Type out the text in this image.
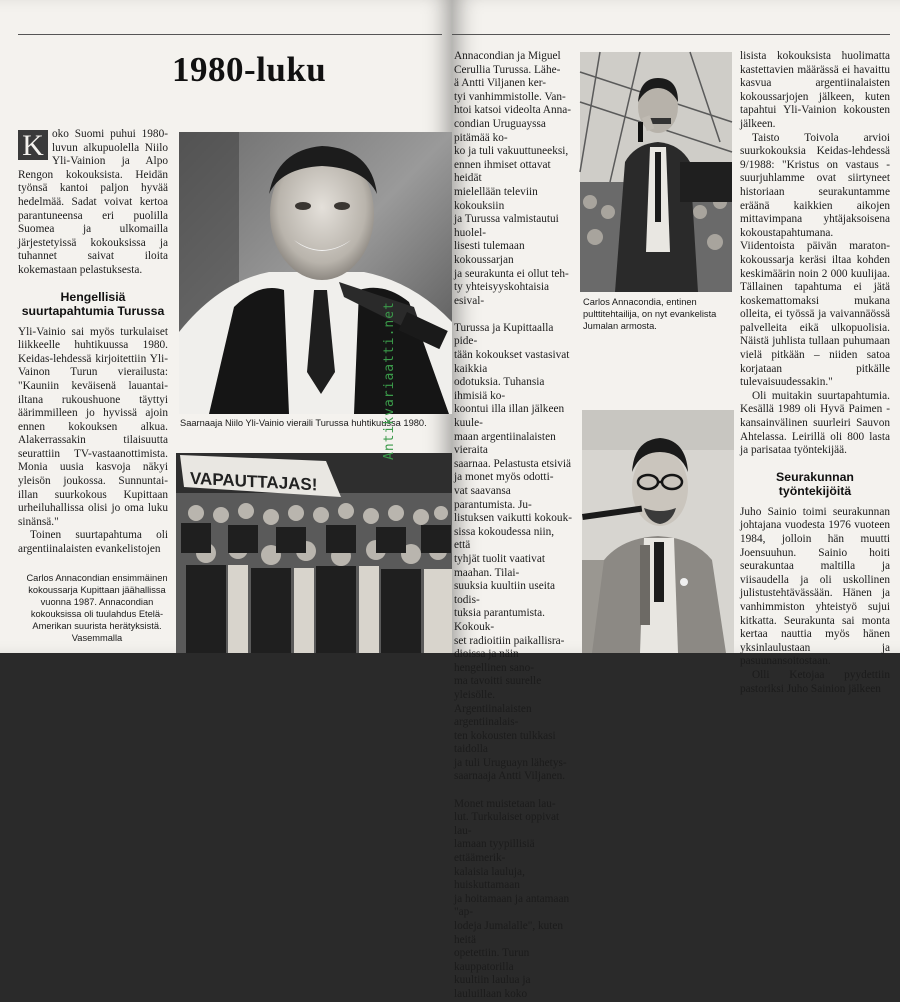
1980-luku

K oko Suomi puhui 1980-luvun alkupuolella Niilo Yli-Vainion ja Alpo Rengon kokouksista. Heidän työnsä kantoi paljon hyvää hedelmää. Sadat voivat kertoa parantuneensa eri puolilla Suomea ja ulkomailla järjestetyissä kokouksissa ja tuhannet saivat iloita kokemastaan pelastuksesta.

Hengellisiä
suurtapahtumia Turussa

Yli-Vainio sai myös turkulaiset liikkeelle huhtikuussa 1980. Keidas-lehdessä kirjoitettiin Yli-Vainon Turun vierailusta: "Kauniin keväisenä lauantai-iltana rukoushuone täyttyi äärimmilleen jo hyvissä ajoin ennen kokouksen alkua. Alakerrassakin tilaisuutta seurattiin TV-vastaanottimista. Monia uusia kasvoja näkyi yleisön joukossa. Sunnuntai-illan suurkokous Kupittaan urheiluhallissa olisi jo oma luku sinänsä."

Toinen suurtapahtuma oli argentiinalaisten evankelistojen

Saarnaaja Niilo Yli-Vainio vieraili Turussa huhtikuussa 1980.
VAPAUTTAJAS!
Carlos Annacondian ensimmäinen kokoussarja Kupittaan jäähallissa vuonna 1987. Annacondian kokouksissa oli tuulahdus Etelä-Amerikan suurista herätyksistä. Vasemmalla
Antikvariaatti.net

Annacondian ja Miguel

Cerullia Turussa. Lähe-

ä Antti Viljanen ker-

tyi vanhimmistolle. Van-

htoi katsoi videolta Anna-

condian Uruguayssa pitämää ko-

ko ja tuli vakuuttuneeksi,

ennen ihmiset ottavat heidät

mielellään televiin kokouksiin

ja Turussa valmistautui huolel-

lisesti tulemaan kokoussarjan

ja seurakunta ei ollut teh-

ty yhteisyyskohtaisia esival-

Turussa ja Kupittaalla pide-

tään kokoukset vastasivat kaikkia

odotuksia. Tuhansia ihmisiä ko-

koontui illa illan jälkeen kuule-

maan argentiinalaisten vieraita

saarnaa. Pelastusta etsiviä

ja monet myös odotti-

vat saavansa parantumista. Ju-

listuksen vaikutti kokouk-

sissa kokoudessa niin, että

tyhjät tuolit vaativat maahan. Tilai-

suuksia kuultiin useita todis-

tuksia parantumista. Kokouk-

set radioitiin paikallisra-

dioissa ja näin hengellinen sano-

ma tavoitti suurelle yleisölle.

Argentiinalaisten argentiinalais-

ten kokousten tulkkasi taidolla

ja tuli Uruguayn lähetys-

saarnaaja Antti Viljanen.

Monet muistetaan lau-

lut. Turkulaiset oppivat lau-

lamaan tyypillisiä ettäämerik-

kalaisia lauluja, huiskuttamaan

ja hoitamaan ja antamaan "ap-

lodeja Jumalalle", kuten heitä

opetettiin. Turun kauppatorilla

kuultiin laulua ja lauluillaan koko

Carlos Annacondia, entinen pulttitehtailija, on nyt evankelista Jumalan armosta.

lisista kokouksista huolimatta kastettavien määrässä ei havaittu kasvua argentiinalaisten kokoussarjojen jälkeen, kuten tapahtui Yli-Vainion kokousten jälkeen.

Taisto Toivola arvioi suurkokouksia Keidas-lehdessä 9/1988: "Kristus on vastaus -suurjuhlamme ovat siirtyneet historiaan seurakuntamme eräänä kaikkien aikojen mittavimpana yhtäjaksoisena kokoustapahtumana. Viidentoista päivän maraton-kokoussarja keräsi iltaa kohden keskimäärin noin 2 000 kuulijaa. Tällainen tapahtuma ei jätä koskemattomaksi mukana olleita, ei työssä ja vaivannäössä palvelleita eikä ulkopuolisia. Näistä juhlista tullaan puhumaan vielä pitkään – niiden satoa korjataan pitkälle tulevaisuudessakin."

Oli muitakin suurtapahtumia. Kesällä 1989 oli Hyvä Paimen -kansainvälinen suurleiri Sauvon Ahtelassa. Leirillä oli 800 lasta ja parisataa työntekijää.

Seurakunnan
työntekijöitä

Juho Sainio toimi seurakunnan johtajana vuodesta 1976 vuoteen 1984, jolloin hän muutti Joensuuhun. Sainio hoiti seurakuntaa maltilla ja viisaudella ja oli uskollinen julistustehtävässään. Hänen ja vanhimmiston yhteistyö sujui kitkatta. Seurakunta sai monta kertaa nauttia myös hänen yksinlaulustaan ja pasuunansoitostaan.

Olli Ketojaa pyydettiin pastoriksi Juho Sainion jälkeen
